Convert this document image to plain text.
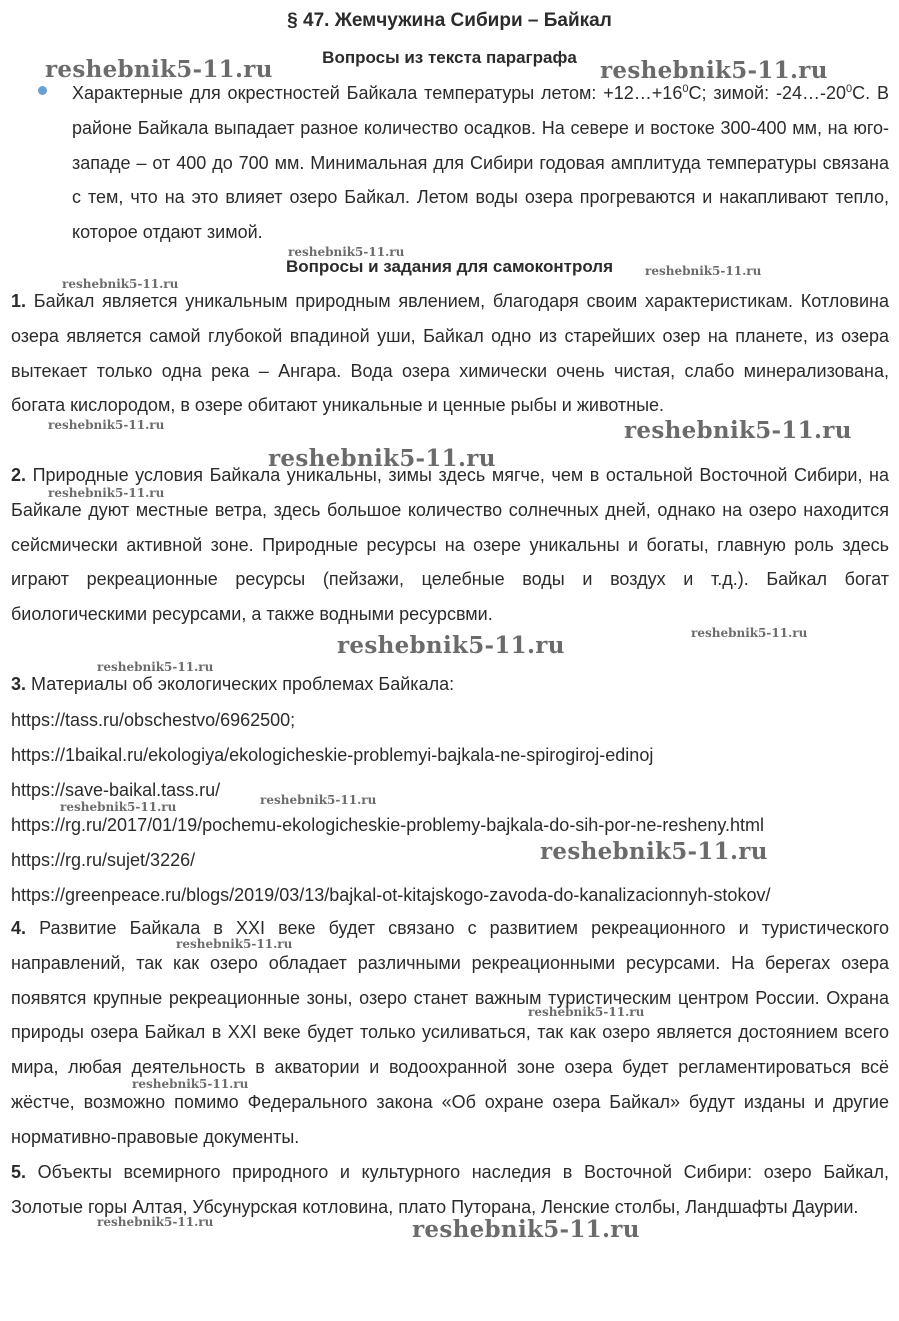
§ 47. Жемчужина Сибири – Байкал
Вопросы из текста параграфа

Характерные для окрестностей Байкала температуры летом: $+12\dots+16^0C$; зимой: $-24\dots-20^0C$. В районе Байкала выпадает разное количество осадков. На севере и востоке 300-400 мм, на юго-западе – от 400 до 700 мм. Минимальная для Сибири годовая амплитуда температуры связана с тем, что на это влияет озеро Байкал. Летом воды озера прогреваются и накапливают тепло, которое отдают зимой.

Вопросы и задания для самоконтроля

1. Байкал является уникальным природным явлением, благодаря своим характеристикам. Котловина озера является самой глубокой впадиной уши, Байкал одно из старейших озер на планете, из озера вытекает только одна река – Ангара. Вода озера химически очень чистая, слабо минерализована, богата кислородом, в озере обитают уникальные и ценные рыбы и животные.

2. Природные условия Байкала уникальны, зимы здесь мягче, чем в остальной Восточной Сибири, на Байкале дуют местные ветра, здесь большое количество солнечных дней, однако на озеро находится сейсмически активной зоне. Природные ресурсы на озере уникальны и богаты, главную роль здесь играют рекреационные ресурсы (пейзажи, целебные воды и воздух и т.д.). Байкал богат биологическими ресурсами, а также водными ресурсвми.

3. Материалы об экологических проблемах Байкала:

https://tass.ru/obschestvo/6962500;

https://1baikal.ru/ekologiya/ekologicheskie-problemyi-bajkala-ne-spirogiroj-edinoj

https://save-baikal.tass.ru/

https://rg.ru/2017/01/19/pochemu-ekologicheskie-problemy-bajkala-do-sih-por-ne-resheny.html

https://rg.ru/sujet/3226/

https://greenpeace.ru/blogs/2019/03/13/bajkal-ot-kitajskogo-zavoda-do-kanalizacionnyh-stokov/

4. Развитие Байкала в XXI веке будет связано с развитием рекреационного и туристического направлений, так как озеро обладает различными рекреационными ресурсами. На берегах озера появятся крупные рекреационные зоны, озеро станет важным туристическим центром России. Охрана природы озера Байкал в XXI веке будет только усиливаться, так как озеро является достоянием всего мира, любая деятельность в акватории и водоохранной зоне озера будет регламентироваться всё жёстче, возможно помимо Федерального закона «Об охране озера Байкал» будут изданы и другие нормативно-правовые документы.

5. Объекты всемирного природного и культурного наследия в Восточной Сибири: озеро Байкал, Золотые горы Алтая, Убсунурская котловина, плато Путорана, Ленские столбы, Ландшафты Даурии.

reshebnik5-11.ru	reshebnik5-11.ru
reshebnik5-11.ru
reshebnik5-11.ru
reshebnik5-11.ru
reshebnik5-11.ru	reshebnik5-11.ru
reshebnik5-11.ru
reshebnik5-11.ru
reshebnik5-11.ru
reshebnik5-11.ru
reshebnik5-11.ru
reshebnik5-11.ru
reshebnik5-11.ru
reshebnik5-11.ru
reshebnik5-11.ru
reshebnik5-11.ru
reshebnik5-11.ru
reshebnik5-11.ru	reshebnik5-11.ru
